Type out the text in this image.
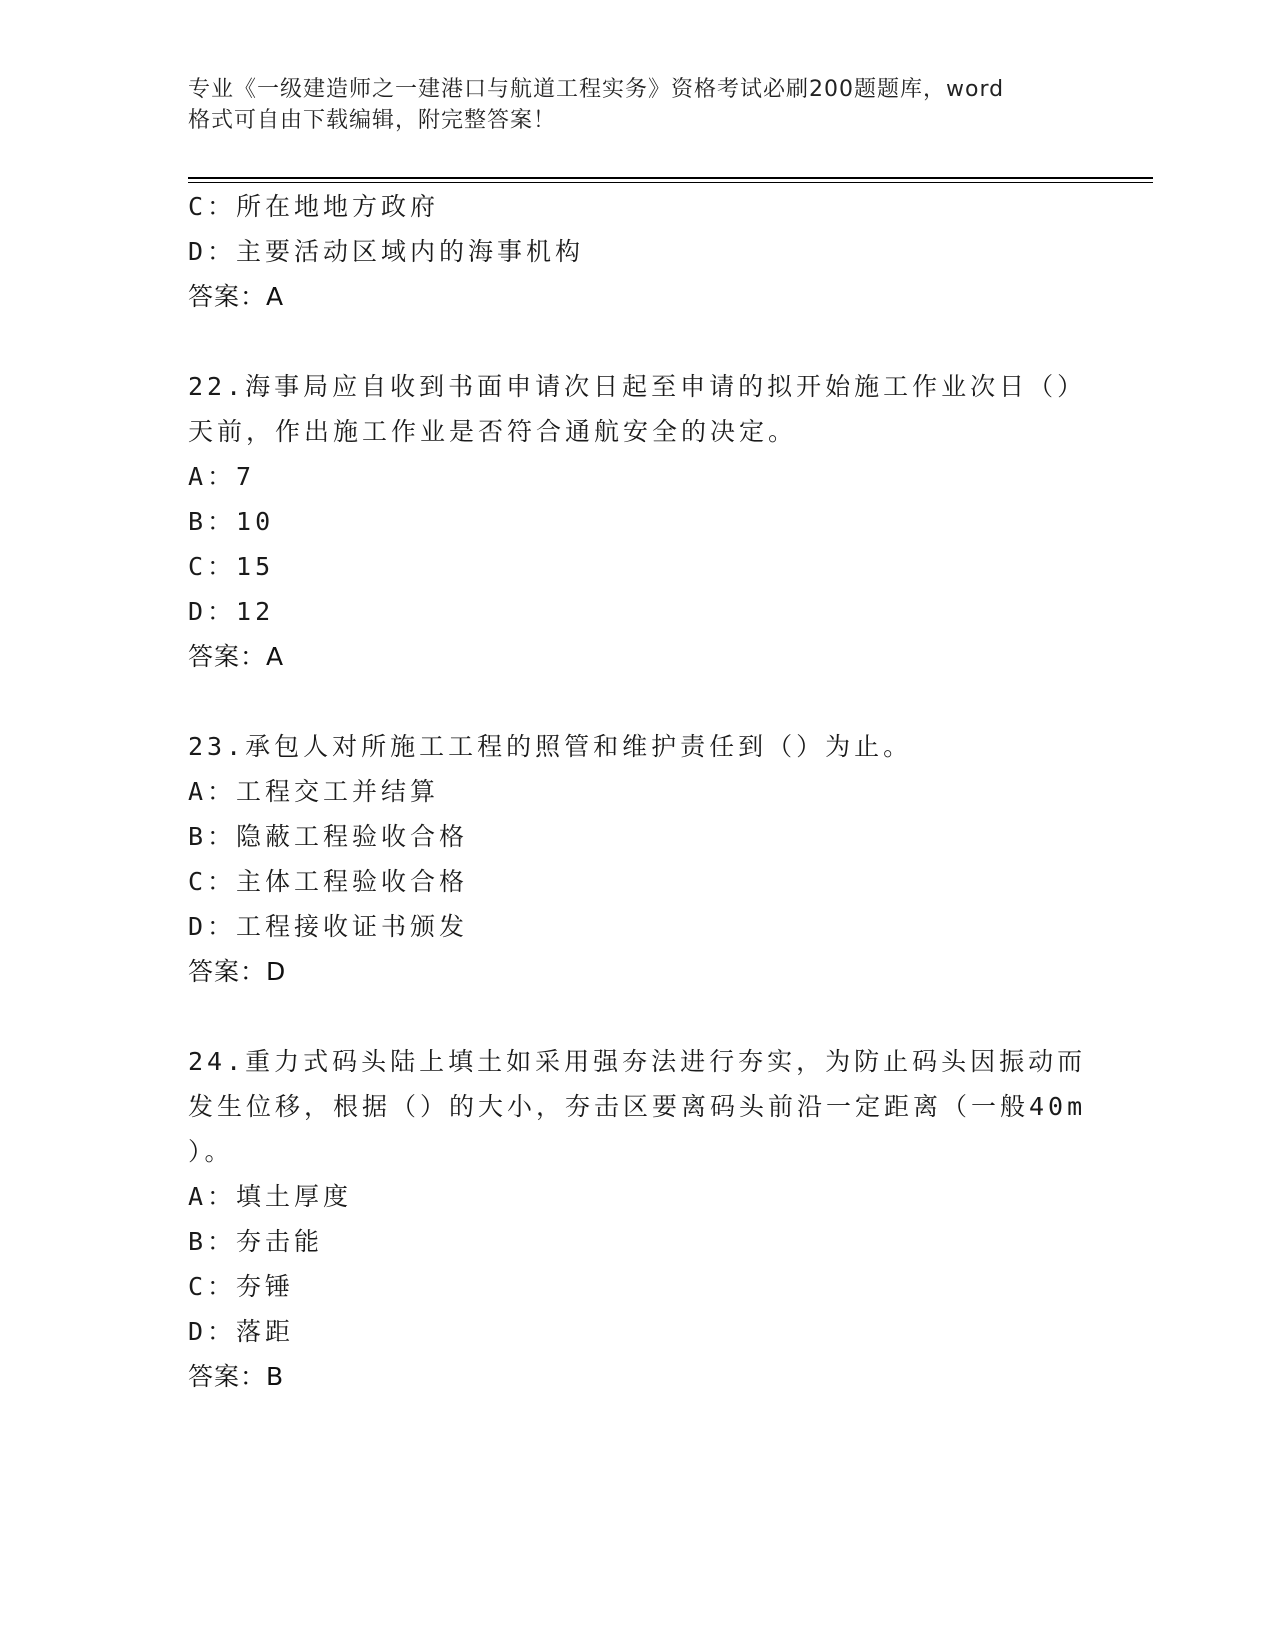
专业《一级建造师之一建港口与航道工程实务》资格考试必刷200题题库，word
格式可自由下载编辑，附完整答案！
C：所在地地方政府
D：主要活动区域内的海事机构
答案：A
22.海事局应自收到书面申请次日起至申请的拟开始施工作业次日（）
天前，作出施工作业是否符合通航安全的决定。
A：7
B：10
C：15
D：12
答案：A
23.承包人对所施工工程的照管和维护责任到（）为止。
A：工程交工并结算
B：隐蔽工程验收合格
C：主体工程验收合格
D：工程接收证书颁发
答案：D
24.重力式码头陆上填土如采用强夯法进行夯实，为防止码头因振动而
发生位移，根据（）的大小，夯击区要离码头前沿一定距离（一般40m
）。
A：填土厚度
B：夯击能
C：夯锤
D：落距
答案：B
